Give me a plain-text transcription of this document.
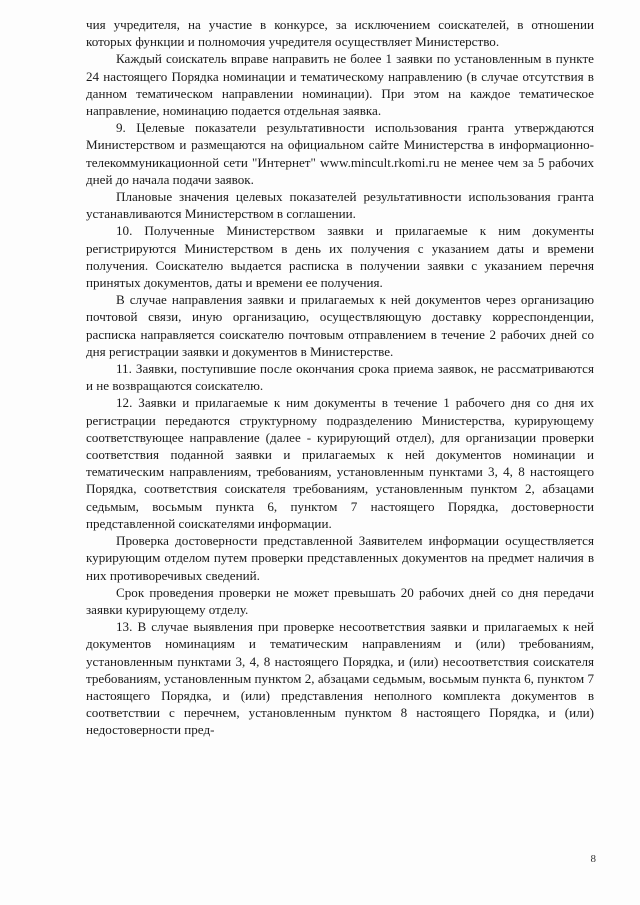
чия учредителя, на участие в конкурсе, за исключением соискателей, в отношении которых функции и полномочия учредителя осуществляет Министерство.

Каждый соискатель вправе направить не более 1 заявки по установленным в пункте 24 настоящего Порядка номинации и тематическому направлению (в случае отсутствия в данном тематическом направлении номинации). При этом на каждое тематическое направление, номинацию подается отдельная заявка.

9. Целевые показатели результативности использования гранта утверждаются Министерством и размещаются на официальном сайте Министерства в информационно-телекоммуникационной сети "Интернет" www.mincult.rkomi.ru не менее чем за 5 рабочих дней до начала подачи заявок.

Плановые значения целевых показателей результативности использования гранта устанавливаются Министерством в соглашении.

10. Полученные Министерством заявки и прилагаемые к ним документы регистрируются Министерством в день их получения с указанием даты и времени получения. Соискателю выдается расписка в получении заявки с указанием перечня принятых документов, даты и времени ее получения.

В случае направления заявки и прилагаемых к ней документов через организацию почтовой связи, иную организацию, осуществляющую доставку корреспонденции, расписка направляется соискателю почтовым отправлением в течение 2 рабочих дней со дня регистрации заявки и документов в Министерстве.

11. Заявки, поступившие после окончания срока приема заявок, не рассматриваются и не возвращаются соискателю.

12. Заявки и прилагаемые к ним документы в течение 1 рабочего дня со дня их регистрации передаются структурному подразделению Министерства, курирующему соответствующее направление (далее - курирующий отдел), для организации проверки соответствия поданной заявки и прилагаемых к ней документов номинации и тематическим направлениям, требованиям, установленным пунктами 3, 4, 8 настоящего Порядка, соответствия соискателя требованиям, установленным пунктом 2, абзацами седьмым, восьмым пункта 6, пунктом 7 настоящего Порядка, достоверности представленной соискателями информации.

Проверка достоверности представленной Заявителем информации осуществляется курирующим отделом путем проверки представленных документов на предмет наличия в них противоречивых сведений.

Срок проведения проверки не может превышать 20 рабочих дней со дня передачи заявки курирующему отделу.

13. В случае выявления при проверке несоответствия заявки и прилагаемых к ней документов номинациям и тематическим направлениям и (или) требованиям, установленным пунктами 3, 4, 8 настоящего Порядка, и (или) несоответствия соискателя требованиям, установленным пунктом 2, абзацами седьмым, восьмым пункта 6, пунктом 7 настоящего Порядка, и (или) представления неполного комплекта документов в соответствии с перечнем, установленным пунктом 8 настоящего Порядка, и (или) недостоверности пред-

8
